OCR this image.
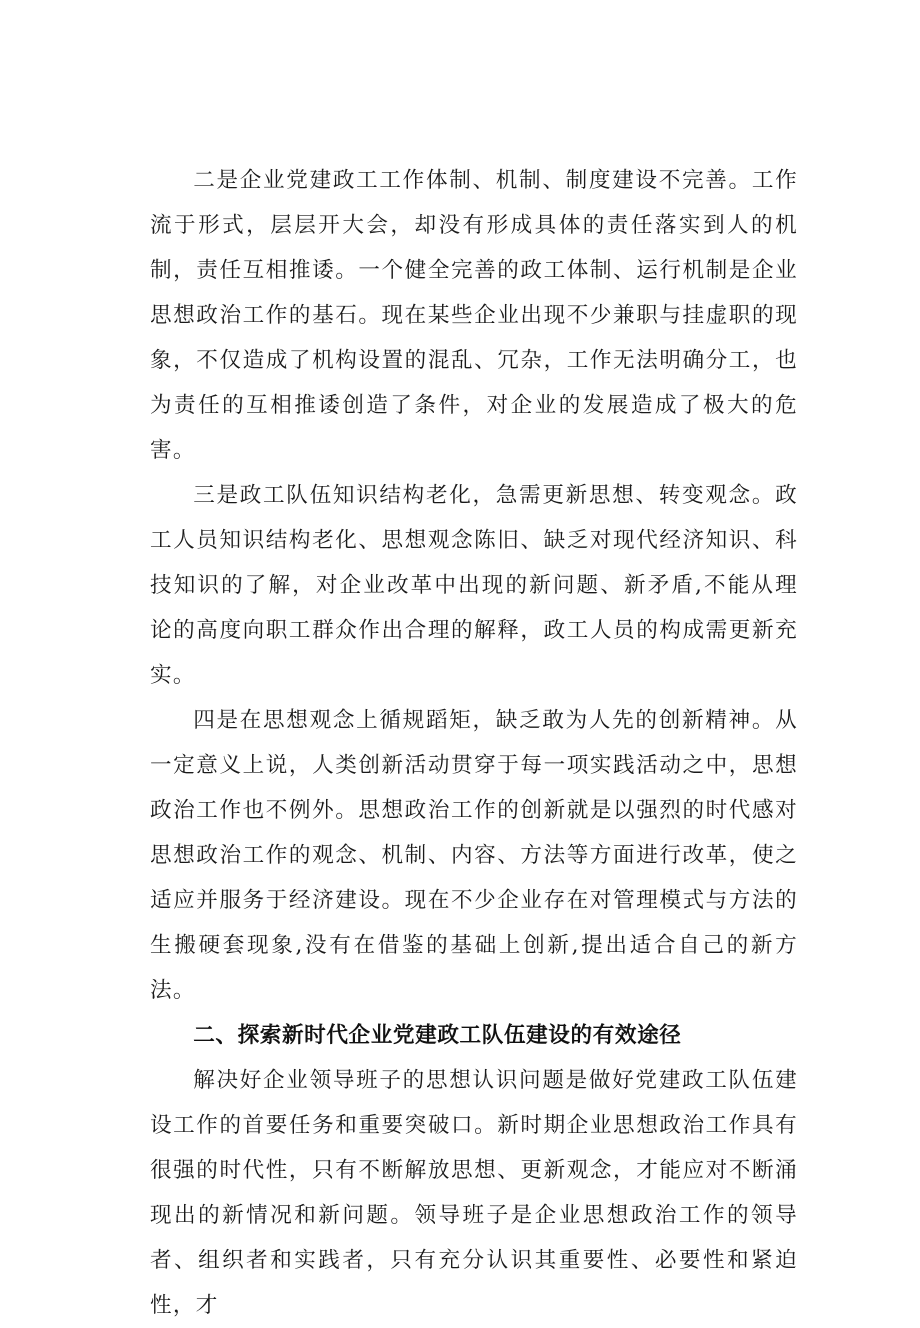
二是企业党建政工工作体制、机制、制度建设不完善。工作流于形式，层层开大会，却没有形成具体的责任落实到人的机制，责任互相推诿。一个健全完善的政工体制、运行机制是企业思想政治工作的基石。现在某些企业出现不少兼职与挂虚职的现象，不仅造成了机构设置的混乱、冗杂，工作无法明确分工，也为责任的互相推诿创造了条件，对企业的发展造成了极大的危害。

三是政工队伍知识结构老化，急需更新思想、转变观念。政工人员知识结构老化、思想观念陈旧、缺乏对现代经济知识、科技知识的了解，对企业改革中出现的新问题、新矛盾,不能从理论的高度向职工群众作出合理的解释，政工人员的构成需更新充实。

四是在思想观念上循规蹈矩，缺乏敢为人先的创新精神。从一定意义上说，人类创新活动贯穿于每一项实践活动之中，思想政治工作也不例外。思想政治工作的创新就是以强烈的时代感对思想政治工作的观念、机制、内容、方法等方面进行改革，使之适应并服务于经济建设。现在不少企业存在对管理模式与方法的生搬硬套现象,没有在借鉴的基础上创新,提出适合自己的新方法。

二、探索新时代企业党建政工队伍建设的有效途径

解决好企业领导班子的思想认识问题是做好党建政工队伍建设工作的首要任务和重要突破口。新时期企业思想政治工作具有很强的时代性，只有不断解放思想、更新观念，才能应对不断涌现出的新情况和新问题。领导班子是企业思想政治工作的领导者、组织者和实践者，只有充分认识其重要性、必要性和紧迫性，才
